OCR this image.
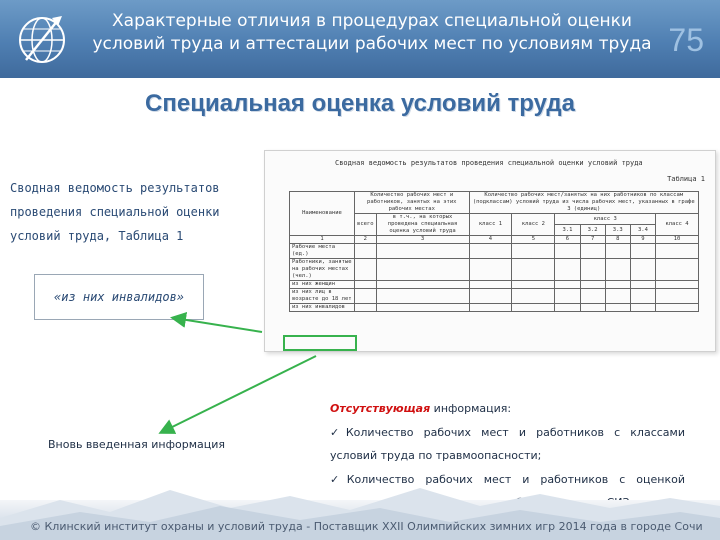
Характерные отличия в процедурах специальной оценки
условий труда и аттестации рабочих мест по условиям труда 75
Специальная оценка условий труда
Сводная ведомость результатов
проведения специальной оценки
условий труда, Таблица 1
«из них инвалидов»
Сводная ведомость результатов проведения специальной оценки условий труда
Таблица 1
Наименование	Количество рабочих мест и работников, занятых на этих рабочих местах		Количество рабочих мест/занятых на них работников по классам (подклассам) условий труда из числа рабочих мест, указанных в графе 3 (единиц)						
	всего	в т.ч., на которых проведена специальная оценка условий труда	класс 1	класс 2	класс 3				класс 4
					3.1	3.2	3.3	3.4	
1	2	3	4	5	6	7	8	9	10
Рабочие места (ед.)									
Работники, занятые на рабочих местах (чел.)									
из них женщин									
из них лиц в возрасте до 18 лет									
из них инвалидов									
Вновь введенная информация
Отсутствующая информация:
✓Количество рабочих мест и работников с классами
условий труда по травмоопасности;
✓Количество рабочих мест и работников с оценкой
© Клинский институт охраны и условий труда - Поставщик XXII Олимпийских зимних игр 2014 года в городе Сочи
